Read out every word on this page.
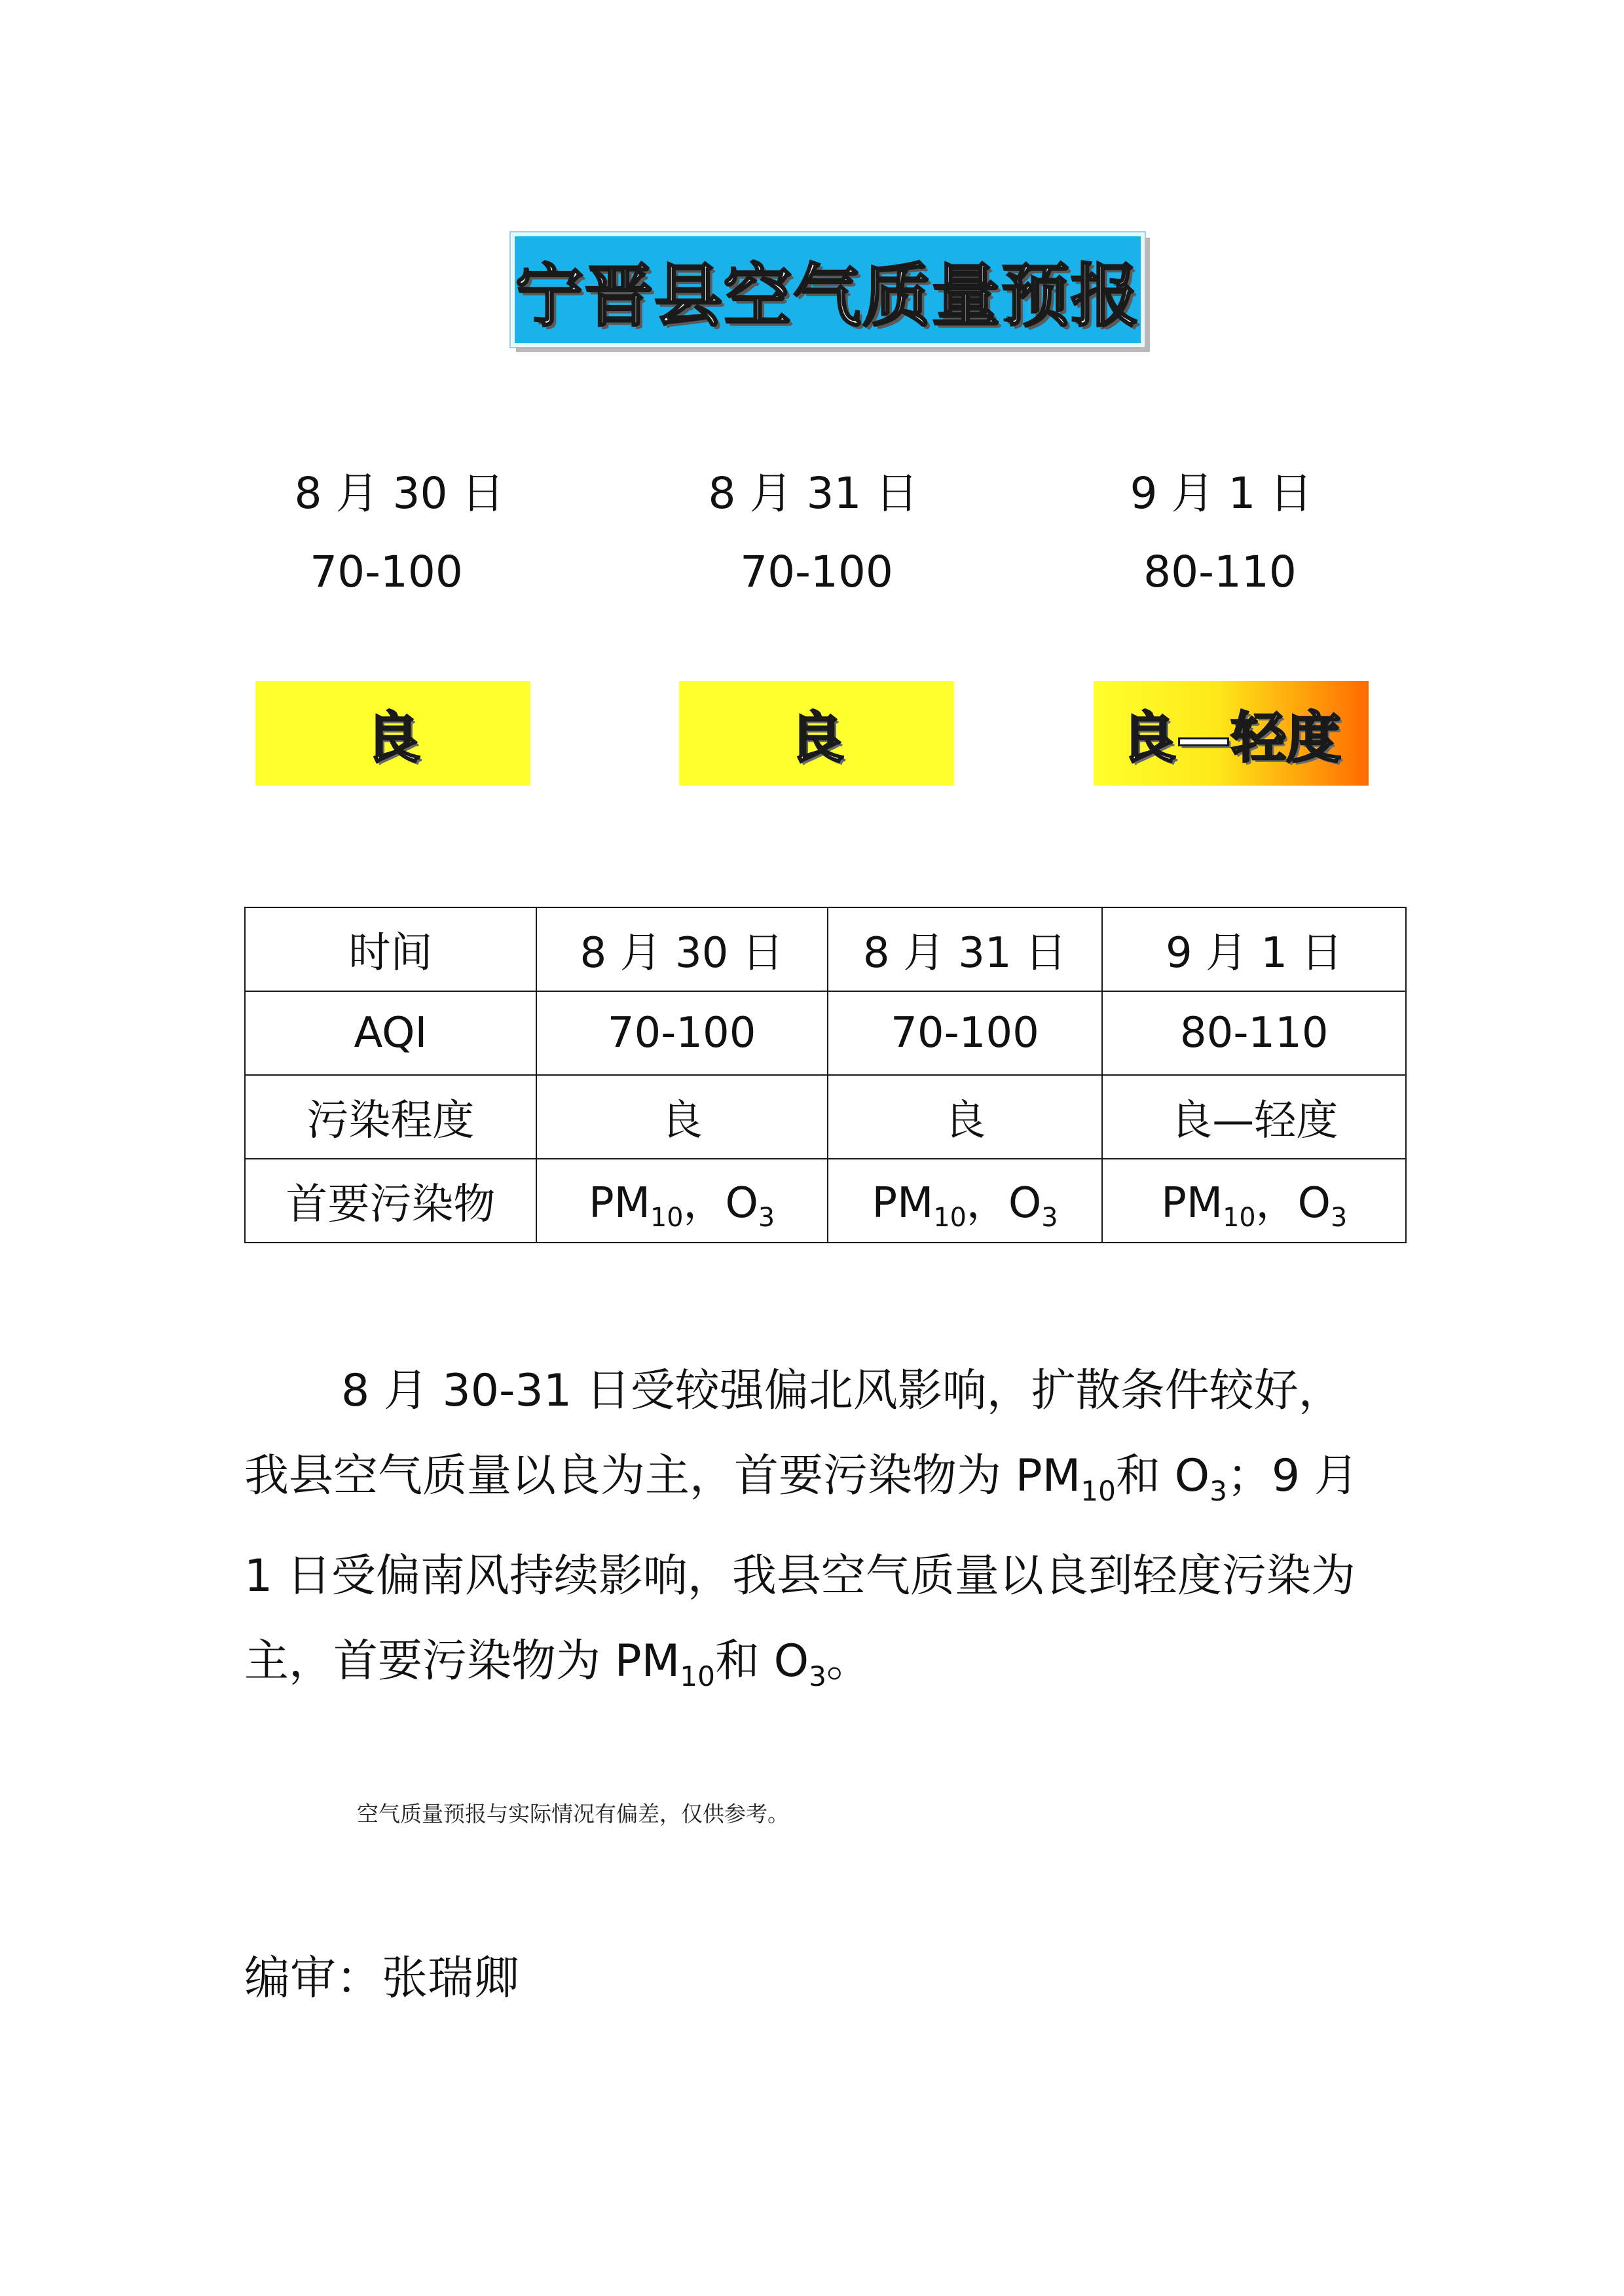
宁晋县空气质量预报
8 月 30 日	8 月 31 日	9 月 1 日
70-100	70-100	80-110
良	良	良—轻度
时间	8 月 30 日	8 月 31 日	9 月 1 日
AQI	70-100	70-100	80-110
污染程度	良	良	良—轻度
首要污染物	$PM_{10}$，$O_3$	$PM_{10}$，$O_3$	$PM_{10}$，$O_3$

8 月 30-31 日受较强偏北风影响，扩散条件较好，我县空气质量以良为主，首要污染物为 $PM_{10}$和 $O_3$；9 月 1 日受偏南风持续影响，我县空气质量以良到轻度污染为主，首要污染物为 $PM_{10}$和 $O_3$。

空气质量预报与实际情况有偏差，仅供参考。
编审：张瑞卿
